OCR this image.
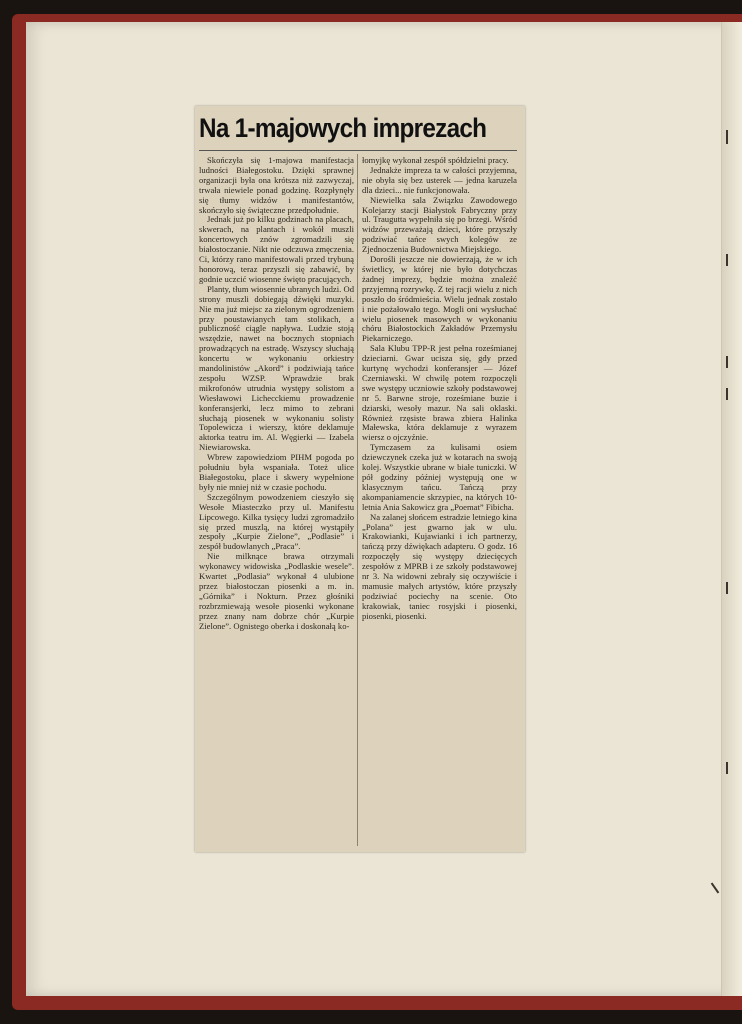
Na 1-majowych imprezach

Skończyła się 1-majowa manifestacja ludności Białegostoku. Dzięki sprawnej organizacji była ona krótsza niż zazwyczaj, trwała niewiele ponad godzinę. Rozpłynęły się tłumy widzów i manifestantów, skończyło się świąteczne przedpołudnie.

Jednak już po kilku godzinach na placach, skwerach, na plantach i wokół muszli koncertowych znów zgromadzili się białostoczanie. Nikt nie odczuwa zmęczenia. Ci, którzy rano manifestowali przed trybuną honorową, teraz przyszli się zabawić, by godnie uczcić wiosenne święto pracujących.

Planty, tłum wiosennie ubranych ludzi. Od strony muszli dobiegają dźwięki muzyki. Nie ma już miejsc za zielonym ogrodzeniem przy poustawianych tam stolikach, a publiczność ciągle napływa. Ludzie stoją wszędzie, nawet na bocznych stopniach prowadzących na estradę. Wszyscy słuchają koncertu w wykonaniu orkiestry mandolinistów „Akord” i podziwiają tańce zespołu WZSP. Wprawdzie brak mikrofonów utrudnia występy solistom a Wiesławowi Lichecckiemu prowadzenie konferansjerki, lecz mimo to zebrani słuchają piosenek w wykonaniu solisty Topolewicza i wierszy, które deklamuje aktorka teatru im. Al. Węgierki — Izabela Niewiarowska.

Wbrew zapowiedziom PIHM pogoda po południu była wspaniała. Toteż ulice Białegostoku, place i skwery wypełnione były nie mniej niż w czasie pochodu.

Szczególnym powodzeniem cieszyło się Wesołe Miasteczko przy ul. Manifestu Lipcowego. Kilka tysięcy ludzi zgromadziło się przed muszlą, na której wystąpiły zespoły „Kurpie Zielone”, „Podlasie” i zespół budowlanych „Praca”.

Nie milknące brawa otrzymali wykonawcy widowiska „Podlaskie wesele”. Kwartet „Podlasia” wykonał 4 ulubione przez białostoczan piosenki a m. in. „Górnika” i Nokturn. Przez głośniki rozbrzmiewają wesołe piosenki wykonane przez znany nam dobrze chór „Kurpie Zielone”. Ognistego oberka i doskonałą ko-

łomyjkę wykonał zespół spółdzielni pracy.

Jednakże impreza ta w całości przyjemna, nie obyła się bez usterek — jedna karuzela dla dzieci... nie funkcjonowała.

Niewielka sala Związku Zawodowego Kolejarzy stacji Białystok Fabryczny przy ul. Traugutta wypełniła się po brzegi. Wśród widzów przeważają dzieci, które przyszły podziwiać tańce swych kolegów ze Zjednoczenia Budownictwa Miejskiego.

Dorośli jeszcze nie dowierzają, że w ich świetlicy, w której nie było dotychczas żadnej imprezy, będzie można znaleźć przyjemną rozrywkę. Z tej racji wielu z nich poszło do śródmieścia. Wielu jednak zostało i nie pożałowało tego. Mogli oni wysłuchać wielu piosenek masowych w wykonaniu chóru Białostockich Zakładów Przemysłu Piekarniczego.

Sala Klubu TPP-R jest pełna roześmianej dzieciarni. Gwar ucisza się, gdy przed kurtynę wychodzi konferansjer — Józef Czerniawski. W chwilę potem rozpoczęli swe występy uczniowie szkoły podstawowej nr 5. Barwne stroje, roześmiane buzie i dziarski, wesoły mazur. Na sali oklaski. Również rzęsiste brawa zbiera Halinka Małewska, która deklamuje z wyrazem wiersz o ojczyźnie.

Tymczasem za kulisami osiem dziewczynek czeka już w kotarach na swoją kolej. Wszystkie ubrane w białe tuniczki. W pół godziny później występują one w klasycznym tańcu. Tańczą przy akompaniamencie skrzypiec, na których 10-letnia Ania Sakowicz gra „Poemat” Fibicha.

Na zalanej słońcem estradzie letniego kina „Polana” jest gwarno jak w ulu. Krakowianki, Kujawianki i ich partnerzy, tańczą przy dźwiękach adapteru. O godz. 16 rozpoczęły się występy dziecięcych zespołów z MPRB i ze szkoły podstawowej nr 3. Na widowni zebrały się oczywiście i mamusie małych artystów, które przyszły podziwiać pociechy na scenie. Oto krakowiak, taniec rosyjski i piosenki, piosenki, piosenki.
